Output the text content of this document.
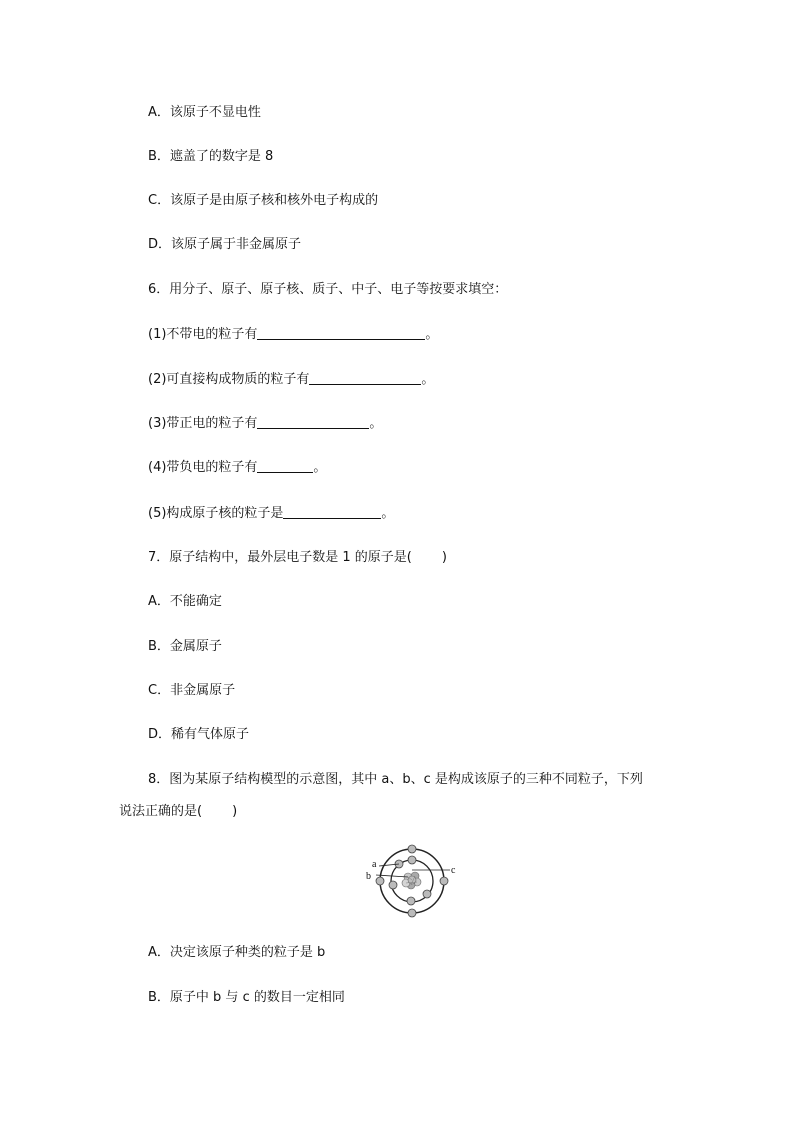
A．该原子不显电性
B．遮盖了的数字是 8
C．该原子是由原子核和核外电子构成的
D．该原子属于非金属原子
6．用分子、原子、原子核、质子、中子、电子等按要求填空：
(1)不带电的粒子有	。
(2)可直接构成物质的粒子有	。
(3)带正电的粒子有	。
(4)带负电的粒子有	。
(5)构成原子核的粒子是	。
7．原子结构中，最外层电子数是 1 的原子是( )
A．不能确定
B．金属原子
C．非金属原子
D．稀有气体原子
8．图为某原子结构模型的示意图，其中 a、b、c 是构成该原子的三种不同粒子，下列
说法正确的是( )
a
b
c
A．决定该原子种类的粒子是 b
B．原子中 b 与 c 的数目一定相同
